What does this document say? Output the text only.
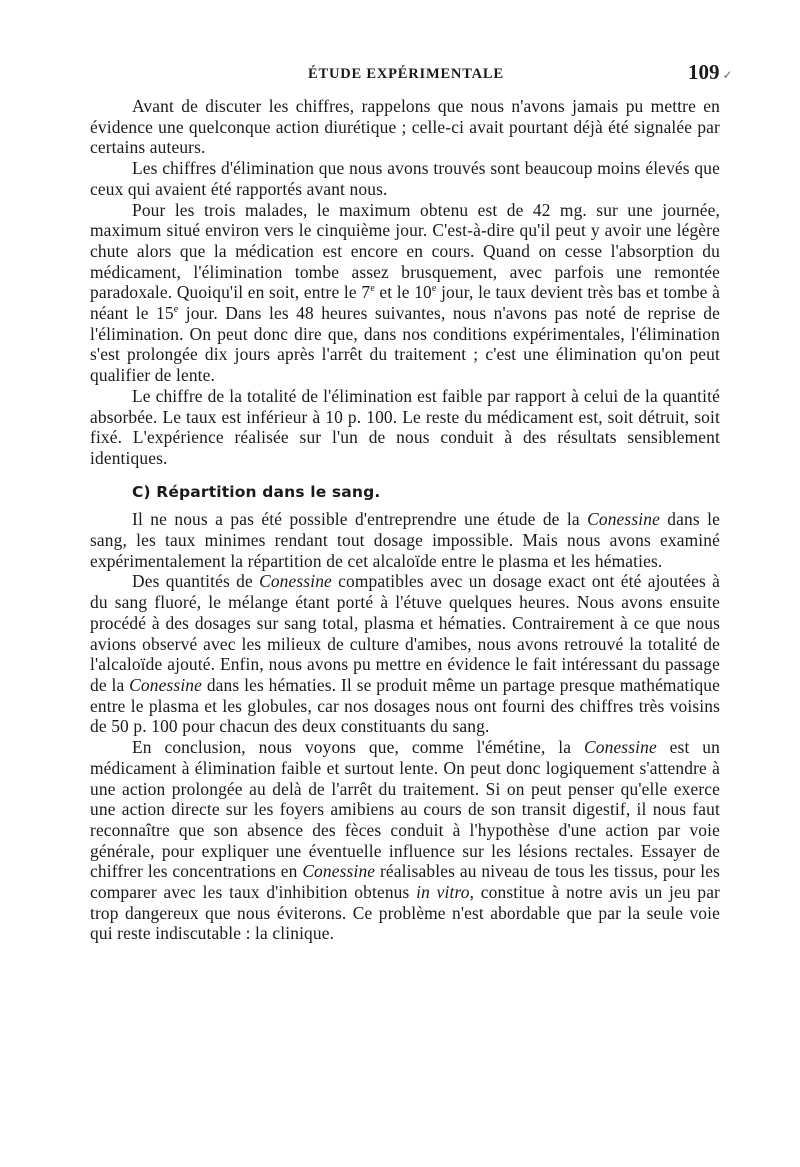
ÉTUDE EXPÉRIMENTALE	109 ✓

Avant de discuter les chiffres, rappelons que nous n'avons jamais pu mettre en évidence une quelconque action diurétique ; celle-ci avait pourtant déjà été signalée par certains auteurs.

Les chiffres d'élimination que nous avons trouvés sont beaucoup moins élevés que ceux qui avaient été rapportés avant nous.

Pour les trois malades, le maximum obtenu est de 42 mg. sur une journée, maximum situé environ vers le cinquième jour. C'est-à-dire qu'il peut y avoir une légère chute alors que la médication est encore en cours. Quand on cesse l'absorption du médicament, l'élimination tombe assez brusquement, avec parfois une remontée paradoxale. Quoiqu'il en soit, entre le 7e et le 10e jour, le taux devient très bas et tombe à néant le 15e jour. Dans les 48 heures suivantes, nous n'avons pas noté de reprise de l'élimination. On peut donc dire que, dans nos conditions expérimentales, l'élimination s'est prolongée dix jours après l'arrêt du traitement ; c'est une élimination qu'on peut qualifier de lente.

Le chiffre de la totalité de l'élimination est faible par rapport à celui de la quantité absorbée. Le taux est inférieur à 10 p. 100. Le reste du médicament est, soit détruit, soit fixé. L'expérience réalisée sur l'un de nous conduit à des résultats sensiblement identiques.

C) Répartition dans le sang.

Il ne nous a pas été possible d'entreprendre une étude de la Conessine dans le sang, les taux minimes rendant tout dosage impossible. Mais nous avons examiné expérimentalement la répartition de cet alcaloïde entre le plasma et les hématies.

Des quantités de Conessine compatibles avec un dosage exact ont été ajoutées à du sang fluoré, le mélange étant porté à l'étuve quelques heures. Nous avons ensuite procédé à des dosages sur sang total, plasma et hématies. Contrairement à ce que nous avions observé avec les milieux de culture d'amibes, nous avons retrouvé la totalité de l'alcaloïde ajouté. Enfin, nous avons pu mettre en évidence le fait intéressant du passage de la Conessine dans les hématies. Il se produit même un partage presque mathématique entre le plasma et les globules, car nos dosages nous ont fourni des chiffres très voisins de 50 p. 100 pour chacun des deux constituants du sang.

En conclusion, nous voyons que, comme l'émétine, la Conessine est un médicament à élimination faible et surtout lente. On peut donc logiquement s'attendre à une action prolongée au delà de l'arrêt du traitement. Si on peut penser qu'elle exerce une action directe sur les foyers amibiens au cours de son transit digestif, il nous faut reconnaître que son absence des fèces conduit à l'hypothèse d'une action par voie générale, pour expliquer une éventuelle influence sur les lésions rectales. Essayer de chiffrer les concentrations en Conessine réalisables au niveau de tous les tissus, pour les comparer avec les taux d'inhibition obtenus in vitro, constitue à notre avis un jeu par trop dangereux que nous éviterons. Ce problème n'est abordable que par la seule voie qui reste indiscutable : la clinique.
